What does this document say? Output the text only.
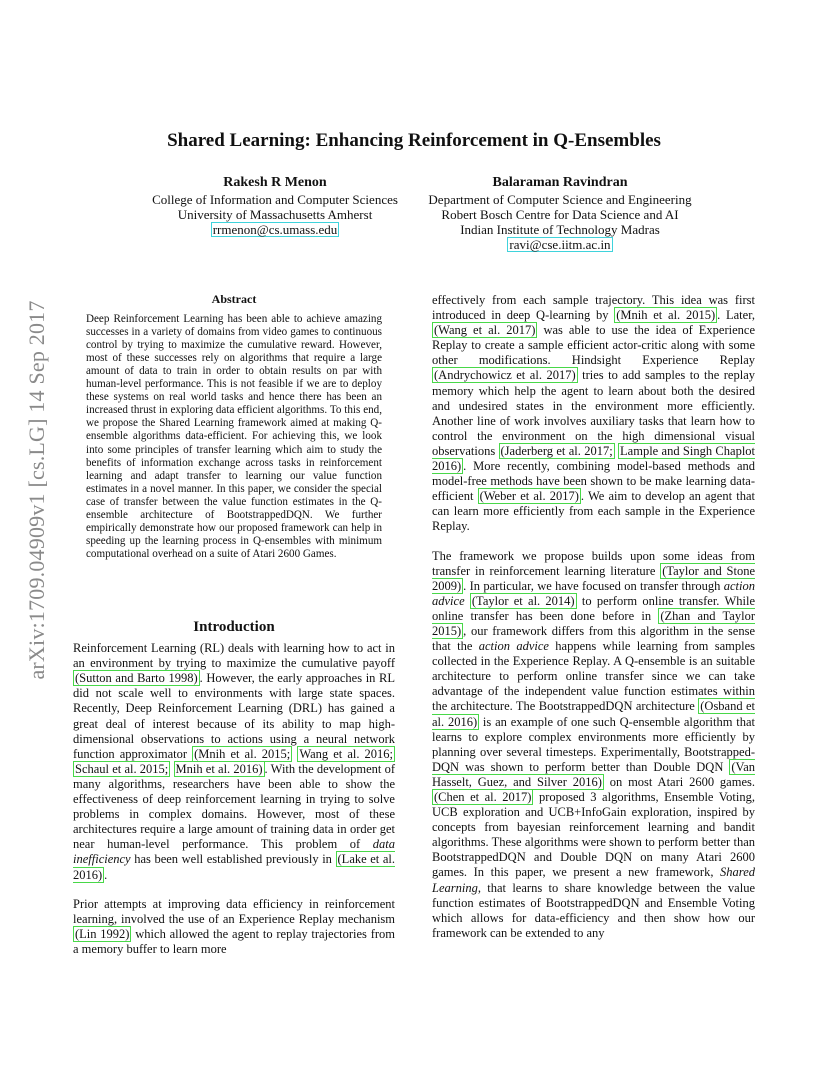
arXiv:1709.04909v1 [cs.LG] 14 Sep 2017
Shared Learning: Enhancing Reinforcement in Q-Ensembles
Rakesh R Menon
College of Information and Computer Sciences
University of Massachusetts Amherst
rrmenon@cs.umass.edu
Balaraman Ravindran
Department of Computer Science and Engineering
Robert Bosch Centre for Data Science and AI
Indian Institute of Technology Madras
ravi@cse.iitm.ac.in
Abstract

Deep Reinforcement Learning has been able to achieve amazing successes in a variety of domains from video games to continuous control by trying to maximize the cumulative reward. However, most of these successes rely on algorithms that require a large amount of data to train in order to obtain results on par with human-level performance. This is not feasible if we are to deploy these systems on real world tasks and hence there has been an increased thrust in exploring data efficient algorithms. To this end, we propose the Shared Learning framework aimed at making Q-ensemble algorithms data-efficient. For achieving this, we look into some principles of transfer learning which aim to study the benefits of information exchange across tasks in reinforcement learning and adapt transfer to learning our value function estimates in a novel manner. In this paper, we consider the special case of transfer between the value function estimates in the Q-ensemble architecture of BootstrappedDQN. We further empirically demonstrate how our proposed framework can help in speeding up the learning process in Q-ensembles with minimum computational overhead on a suite of Atari 2600 Games.

Introduction

Reinforcement Learning (RL) deals with learning how to act in an environment by trying to maximize the cumulative payoff (Sutton and Barto 1998) . However, the early approaches in RL did not scale well to environments with large state spaces. Recently, Deep Reinforcement Learning (DRL) has gained a great deal of interest because of its ability to map high-dimensional observations to actions using a neural network function approximator (Mnih et al. 2015; Wang et al. 2016; Schaul et al. 2015; Mnih et al. 2016) . With the development of many algorithms, researchers have been able to show the effectiveness of deep reinforcement learning in trying to solve problems in complex domains. However, most of these architectures require a large amount of training data in order get near human-level performance. This problem of data inefficiency has been well established previously in (Lake et al. 2016) .

Prior attempts at improving data efficiency in reinforcement learning, involved the use of an Experience Replay mechanism (Lin 1992) which allowed the agent to replay trajectories from a memory buffer to learn more

effectively from each sample trajectory. This idea was first introduced in deep Q-learning by (Mnih et al. 2015) . Later, (Wang et al. 2017) was able to use the idea of Experience Replay to create a sample efficient actor-critic along with some other modifications. Hindsight Experience Replay (Andrychowicz et al. 2017) tries to add samples to the replay memory which help the agent to learn about both the desired and undesired states in the environment more efficiently. Another line of work involves auxiliary tasks that learn how to control the environment on the high dimensional visual observations (Jaderberg et al. 2017; Lample and Singh Chaplot 2016) . More recently, combining model-based methods and model-free methods have been shown to be make learning data-efficient (Weber et al. 2017) . We aim to develop an agent that can learn more efficiently from each sample in the Experience Replay.

The framework we propose builds upon some ideas from transfer in reinforcement learning literature (Taylor and Stone 2009) . In particular, we have focused on transfer through action advice (Taylor et al. 2014) to perform online transfer. While online transfer has been done before in (Zhan and Taylor 2015) , our framework differs from this algorithm in the sense that the action advice happens while learning from samples collected in the Experience Replay. A Q-ensemble is an suitable architecture to perform online transfer since we can take advantage of the independent value function estimates within the architecture. The BootstrappedDQN architecture (Osband et al. 2016) is an example of one such Q-ensemble algorithm that learns to explore complex environments more efficiently by planning over several timesteps. Experimentally, Bootstrapped-DQN was shown to perform better than Double DQN (Van Hasselt, Guez, and Silver 2016) on most Atari 2600 games. (Chen et al. 2017) proposed 3 algorithms, Ensemble Voting, UCB exploration and UCB+InfoGain exploration, inspired by concepts from bayesian reinforcement learning and bandit algorithms. These algorithms were shown to perform better than BootstrappedDQN and Double DQN on many Atari 2600 games. In this paper, we present a new framework, Shared Learning, that learns to share knowledge between the value function estimates of BootstrappedDQN and Ensemble Voting which allows for data-efficiency and then show how our framework can be extended to any
